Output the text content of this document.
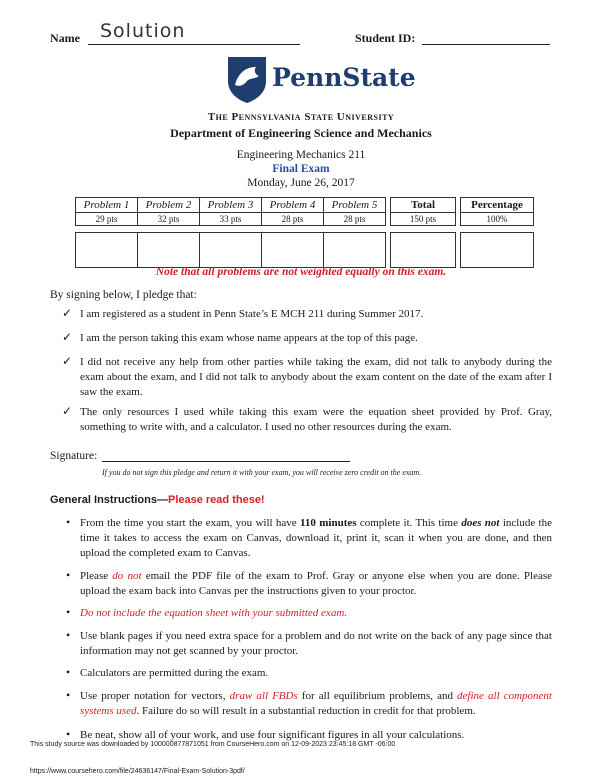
Name Solution	Student ID:
PennState
The Pennsylvania State University
Department of Engineering Science and Mechanics
Engineering Mechanics 211
Final Exam
Monday, June 26, 2017
Problem 1	Problem 2	Problem 3	Problem 4	Problem 5		Total		Percentage
29 pts	32 pts	33 pts	28 pts	28 pts		150 pts		100%

Note that all problems are not weighted equally on this exam.
By signing below, I pledge that:
✓ I am registered as a student in Penn State’s E MCH 211 during Summer 2017.
✓ I am the person taking this exam whose name appears at the top of this page.
✓ I did not receive any help from other parties while taking the exam, did not talk to anybody during the exam about the exam, and I did not talk to anybody about the exam content on the date of the exam after I saw the exam.
✓ The only resources I used while taking this exam were the equation sheet provided by Prof. Gray, something to write with, and a calculator. I used no other resources during the exam.
Signature:
If you do not sign this pledge and return it with your exam, you will receive zero credit on the exam.
General Instructions—Please read these!
• From the time you start the exam, you will have 110 minutes complete it. This time does not include the time it takes to access the exam on Canvas, download it, print it, scan it when you are done, and then upload the completed exam to Canvas.
• Please do not email the PDF file of the exam to Prof. Gray or anyone else when you are done. Please upload the exam back into Canvas per the instructions given to your proctor.
• Do not include the equation sheet with your submitted exam.
• Use blank pages if you need extra space for a problem and do not write on the back of any page since that information may not get scanned by your proctor.
• Calculators are permitted during the exam.
• Use proper notation for vectors, draw all FBDs for all equilibrium problems, and define all component systems used. Failure do so will result in a substantial reduction in credit for that problem.
• Be neat, show all of your work, and use four significant figures in all your calculations.
This study source was downloaded by 100000877871051 from CourseHero.com on 12-09-2023 23:45:18 GMT -06:00
https://www.coursehero.com/file/24636147/Final-Exam-Solution-3pdf/
